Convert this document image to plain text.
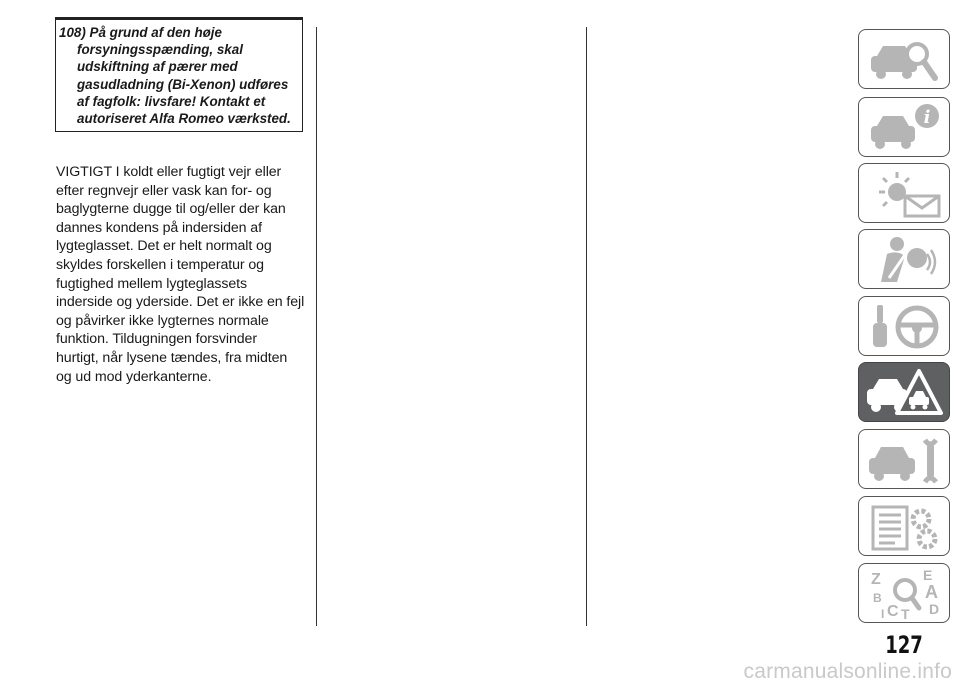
108) På grund af den høje
forsyningsspænding, skal
udskiftning af pærer med
gasudladning (Bi-Xenon) udføres
af fagfolk: livsfare! Kontakt et
autoriseret Alfa Romeo værksted.
VIGTIGT I koldt eller fugtigt vejr eller
efter regnvejr eller vask kan for- og
baglygterne dugge til og/eller der kan
dannes kondens på indersiden af
lygteglasset. Det er helt normalt og
skyldes forskellen i temperatur og
fugtighed mellem lygteglassets
inderside og yderside. Det er ikke en fejl
og påvirker ikke lygternes normale
funktion. Tildugningen forsvinder
hurtigt, når lysene tændes, fra midten
og ud mod yderkanterne.
i
Z	E
A
B
C D
T
I
127
carmanualsonline.info
